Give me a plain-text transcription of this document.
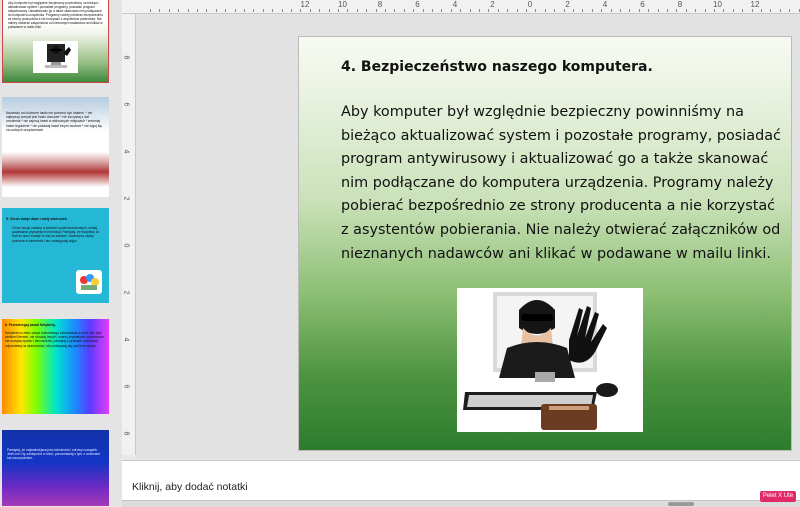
Aby komputer był względnie bezpieczny powinniśmy na bieżąco aktualizować system i pozostałe programy, posiadać program antywirusowy i aktualizować go a także skanować nim podłączane do komputera urządzenia. Programy należy pobierać bezpośrednio ze strony producenta a nie korzystać z asystentów pobierania. Nie należy otwierać załączników od nieznanych nadawców ani klikać w podawane w mailu linki.

Nazwisko ani ulubione hasło nie powinno być hasłem. * nie najlepszy pomysł jest hasło domowe * nie korzystaj z dat urodzenia * nie zapisuj haseł w widocznych miejscach * zmieniaj hasła regularnie * nie podawaj haseł innym osobom * nie loguj się na cudzych urządzeniach

5. Chroń swoje dane i swój wizerunek.

Chroń swoje zasoby w kontach społecznościowych, unikaj podawania prywatnych informacji. Pamiętaj, że wszystko co trafi do sieci zostaje w niej na zawsze. Uważaj na osoby poznane w internecie i nie udostępniaj zdjęć.

6. Przestrzegaj zasad Netykiety.

Netykieta to zbiór zasad kulturalnego zachowania w sieci. Nie pisz wielkimi literami, nie obrażaj innych, szanuj prywatność rozmówców, nie rozsyłaj spamu i łańcuszków, pamiętaj o prawach autorskich, odpowiadaj na wiadomości, nie podszywaj się pod inne osoby.

Pamiętaj, że najważniejsza jest ostrożność i zdrowy rozsądek. Jeśli coś Cię zaniepokoi w sieci, porozmawiaj o tym z rodzicami lub nauczycielem.

12	10	8	6	4	2	0	2	4	6	8	10	12
8
6
4
2
0
2
4
6
8
4. Bezpieczeństwo naszego komputera.

Aby komputer był względnie bezpieczny powinniśmy na
bieżąco aktualizować system i pozostałe programy, posiadać
program antywirusowy i aktualizować go a także skanować
nim podłączane do komputera urządzenia. Programy należy
pobierać bezpośrednio ze strony producenta a nie korzystać
z asystentów pobierania. Nie należy otwierać załączników od
nieznanych nadawców ani klikać w podawane w mailu linki.

Kliknij, aby dodać notatki
Pelet X Ute
